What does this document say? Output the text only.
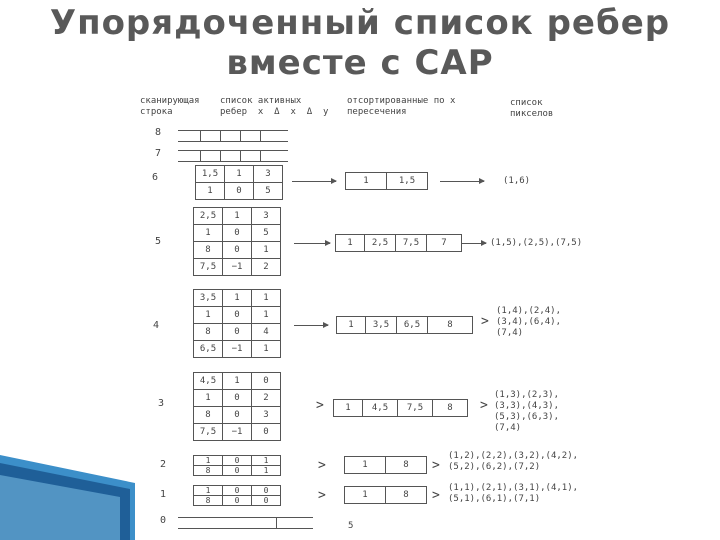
Упорядоченный список ребер
вместе с САР
сканирующая
строка
список активных
ребер  x  Δ  x  Δ  y
отсортированные по x
пересечения
список
пикселов
8
7
6	1,5	1	3
1	0	5
1	1,5	(1,6)
5
2,5	1	3
1	0	5
8	0	1
7,5	−1	2
1	2,5	7,5	7	(1,5),(2,5),(7,5)
4
3,5	1	1
1	0	1
8	0	4
6,5	−1	1
1	3,5	6,5	8 >
(1,4),(2,4),
(3,4),(6,4),
(7,4)
3
4,5	1	0
1	0	2
8	0	3
7,5	−1	0
> 1	4,5	7,5	8 >
(1,3),(2,3),
(3,3),(4,3),
(5,3),(6,3),
(7,4)
2	1	0	1
8	0	1	>	1	8 >
(1,2),(2,2),(3,2),(4,2),
(5,2),(6,2),(7,2)
1	1	0	0
8	0	0	>	1	8 > (1,1),(2,1),(3,1),(4,1),
(5,1),(6,1),(7,1)
0	5
